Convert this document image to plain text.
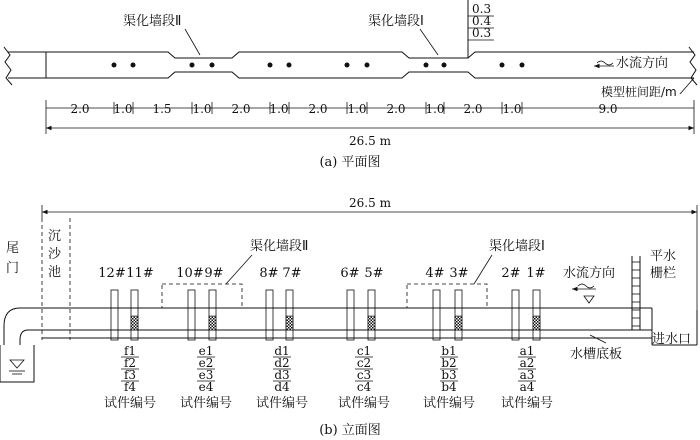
0.3
0.4
0.3
渠化墙段Ⅱ	渠化墙段Ⅰ
水流方向
模型桩间距/m
2.0 1.0 1.5 1.0 2.0 1.0 2.0 1.0 2.0 1.0 2.0 1.0	9.0
26.5 m
(a) 平面图
26.5 m
尾
门
沉
沙
池
平水
栅栏
水流方向
进水口
水槽底板
渠化墙段Ⅱ	渠化墙段Ⅰ
12# 11# 10# 9#	8# 7#	6# 5#	4# 3#	2# 1#
f1
f2
f3
f4
试件编号
e1
e2
e3
e4
试件编号
d1
d2
d3
d4
试件编号
c1
c2
c3
c4
试件编号
b1
b2
b3
b4
试件编号
a1
a2
a3
a4
试件编号
(b) 立面图
